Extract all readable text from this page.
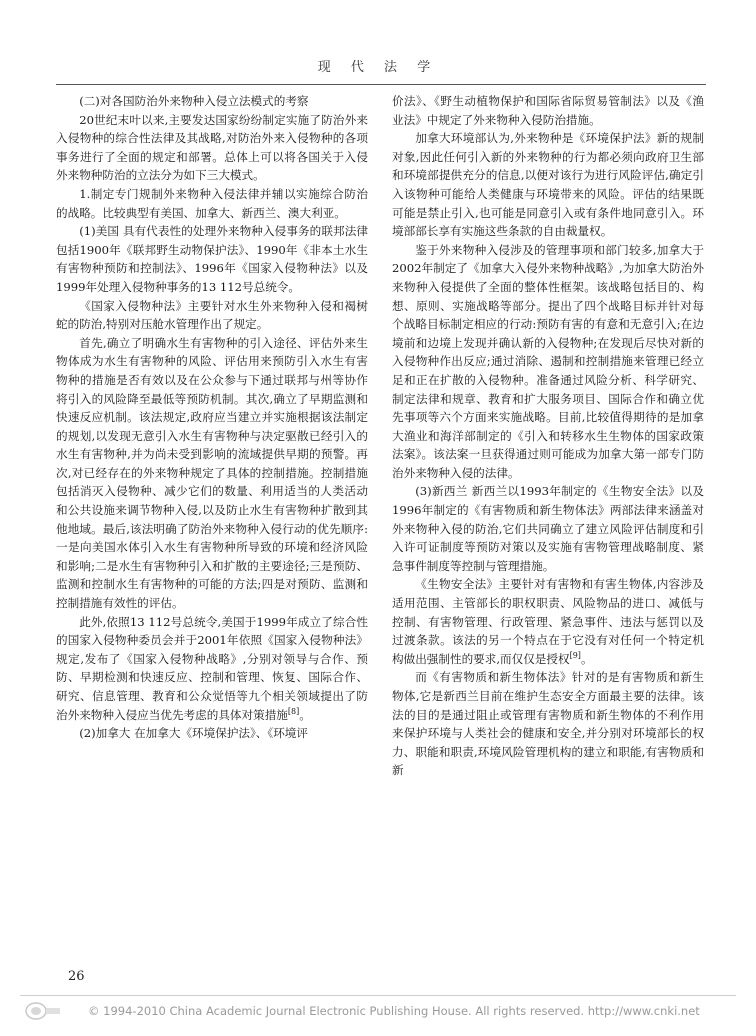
现 代 法 学

(二)对各国防治外来物种入侵立法模式的考察

20世纪末叶以来,主要发达国家纷纷制定实施了防治外来入侵物种的综合性法律及其战略,对防治外来入侵物种的各项事务进行了全面的规定和部署。总体上可以将各国关于入侵外来物种防治的立法分为如下三大模式。

1.制定专门规制外来物种入侵法律并辅以实施综合防治的战略。比较典型有美国、加拿大、新西兰、澳大利亚。

(1)美国 具有代表性的处理外来物种入侵事务的联邦法律包括1900年《联邦野生动物保护法》、1990年《非本土水生有害物种预防和控制法》、1996年《国家入侵物种法》以及1999年处理入侵物种事务的13 112号总统令。

《国家入侵物种法》主要针对水生外来物种入侵和褐树蛇的防治,特别对压舱水管理作出了规定。

首先,确立了明确水生有害物种的引入途径、评估外来生物体成为水生有害物种的风险、评估用来预防引入水生有害物种的措施是否有效以及在公众参与下通过联邦与州等协作将引入的风险降至最低等预防机制。其次,确立了早期监测和快速反应机制。该法规定,政府应当建立并实施根据该法制定的规划,以发现无意引入水生有害物种与决定驱散已经引入的水生有害物种,并为尚未受到影响的流域提供早期的预警。再次,对已经存在的外来物种规定了具体的控制措施。控制措施包括消灭入侵物种、减少它们的数量、利用适当的人类活动和公共设施来调节物种入侵,以及防止水生有害物种扩散到其他地域。最后,该法明确了防治外来物种入侵行动的优先顺序:一是向美国水体引入水生有害物种所导致的环境和经济风险和影响;二是水生有害物种引入和扩散的主要途径;三是预防、监测和控制水生有害物种的可能的方法;四是对预防、监测和控制措施有效性的评估。

此外,依照13 112号总统令,美国于1999年成立了综合性的国家入侵物种委员会并于2001年依照《国家入侵物种法》规定,发布了《国家入侵物种战略》,分别对领导与合作、预防、早期检测和快速反应、控制和管理、恢复、国际合作、研究、信息管理、教育和公众觉悟等九个相关领域提出了防治外来物种入侵应当优先考虑的具体对策措施[8]。

(2)加拿大 在加拿大《环境保护法》、《环境评

价法》、《野生动植物保护和国际省际贸易管制法》以及《渔业法》中规定了外来物种入侵防治措施。

加拿大环境部认为,外来物种是《环境保护法》新的规制对象,因此任何引入新的外来物种的行为都必须向政府卫生部和环境部提供充分的信息,以便对该行为进行风险评估,确定引入该物种可能给人类健康与环境带来的风险。评估的结果既可能是禁止引入,也可能是同意引入或有条件地同意引入。环境部部长享有实施这些条款的自由裁量权。

鉴于外来物种入侵涉及的管理事项和部门较多,加拿大于2002年制定了《加拿大入侵外来物种战略》,为加拿大防治外来物种入侵提供了全面的整体性框架。该战略包括目的、构想、原则、实施战略等部分。提出了四个战略目标并针对每个战略目标制定相应的行动:预防有害的有意和无意引入;在边境前和边境上发现并确认新的入侵物种;在发现后尽快对新的入侵物种作出反应;通过消除、遏制和控制措施来管理已经立足和正在扩散的入侵物种。准备通过风险分析、科学研究、制定法律和规章、教育和扩大服务项目、国际合作和确立优先事项等六个方面来实施战略。目前,比较值得期待的是加拿大渔业和海洋部制定的《引入和转移水生生物体的国家政策法案》。该法案一旦获得通过则可能成为加拿大第一部专门防治外来物种入侵的法律。

(3)新西兰 新西兰以1993年制定的《生物安全法》以及1996年制定的《有害物质和新生物体法》两部法律来涵盖对外来物种入侵的防治,它们共同确立了建立风险评估制度和引入许可证制度等预防对策以及实施有害物管理战略制度、紧急事件制度等控制与管理措施。

《生物安全法》主要针对有害物和有害生物体,内容涉及适用范围、主管部长的职权职责、风险物品的进口、减低与控制、有害物管理、行政管理、紧急事件、违法与惩罚以及过渡条款。该法的另一个特点在于它没有对任何一个特定机构做出强制性的要求,而仅仅是授权[9]。

而《有害物质和新生物体法》针对的是有害物质和新生物体,它是新西兰目前在维护生态安全方面最主要的法律。该法的目的是通过阻止或管理有害物质和新生物体的不利作用来保护环境与人类社会的健康和安全,并分别对环境部长的权力、职能和职责,环境风险管理机构的建立和职能,有害物质和新

26
© 1994-2010 China Academic Journal Electronic Publishing House. All rights reserved. http://www.cnki.net
